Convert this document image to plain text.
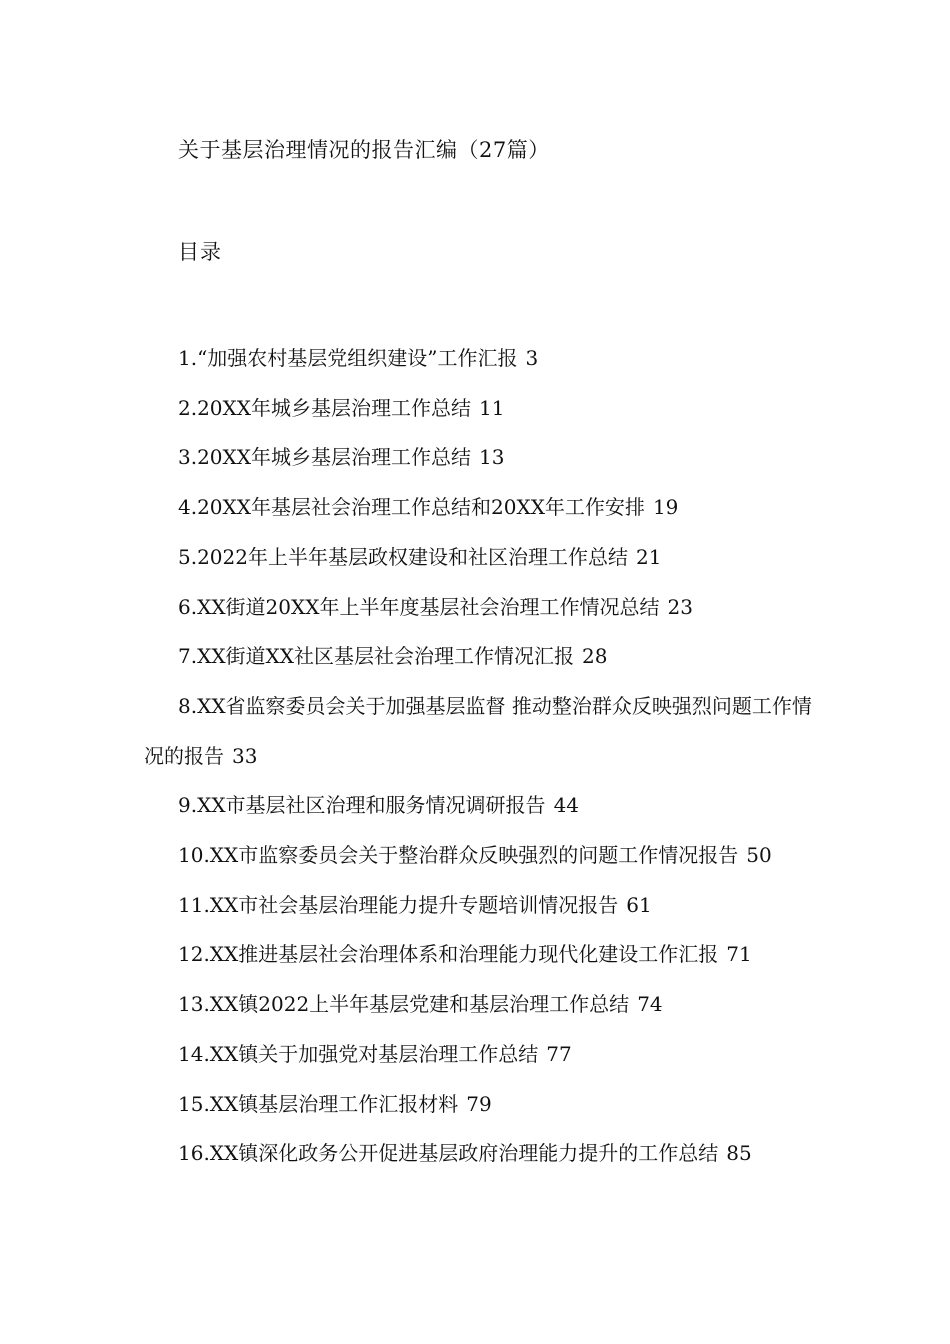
关于基层治理情况的报告汇编（27篇）
目录
1.“加强农村基层党组织建设”工作汇报 3
2.20XX年城乡基层治理工作总结 11
3.20XX年城乡基层治理工作总结 13
4.20XX年基层社会治理工作总结和20XX年工作安排 19
5.2022年上半年基层政权建设和社区治理工作总结 21
6.XX街道20XX年上半年度基层社会治理工作情况总结 23
7.XX街道XX社区基层社会治理工作情况汇报 28
8.XX省监察委员会关于加强基层监督 推动整治群众反映强烈问题工作情况的报告 33
9.XX市基层社区治理和服务情况调研报告 44
10.XX市监察委员会关于整治群众反映强烈的问题工作情况报告 50
11.XX市社会基层治理能力提升专题培训情况报告 61
12.XX推进基层社会治理体系和治理能力现代化建设工作汇报 71
13.XX镇2022上半年基层党建和基层治理工作总结 74
14.XX镇关于加强党对基层治理工作总结 77
15.XX镇基层治理工作汇报材料 79
16.XX镇深化政务公开促进基层政府治理能力提升的工作总结 85
